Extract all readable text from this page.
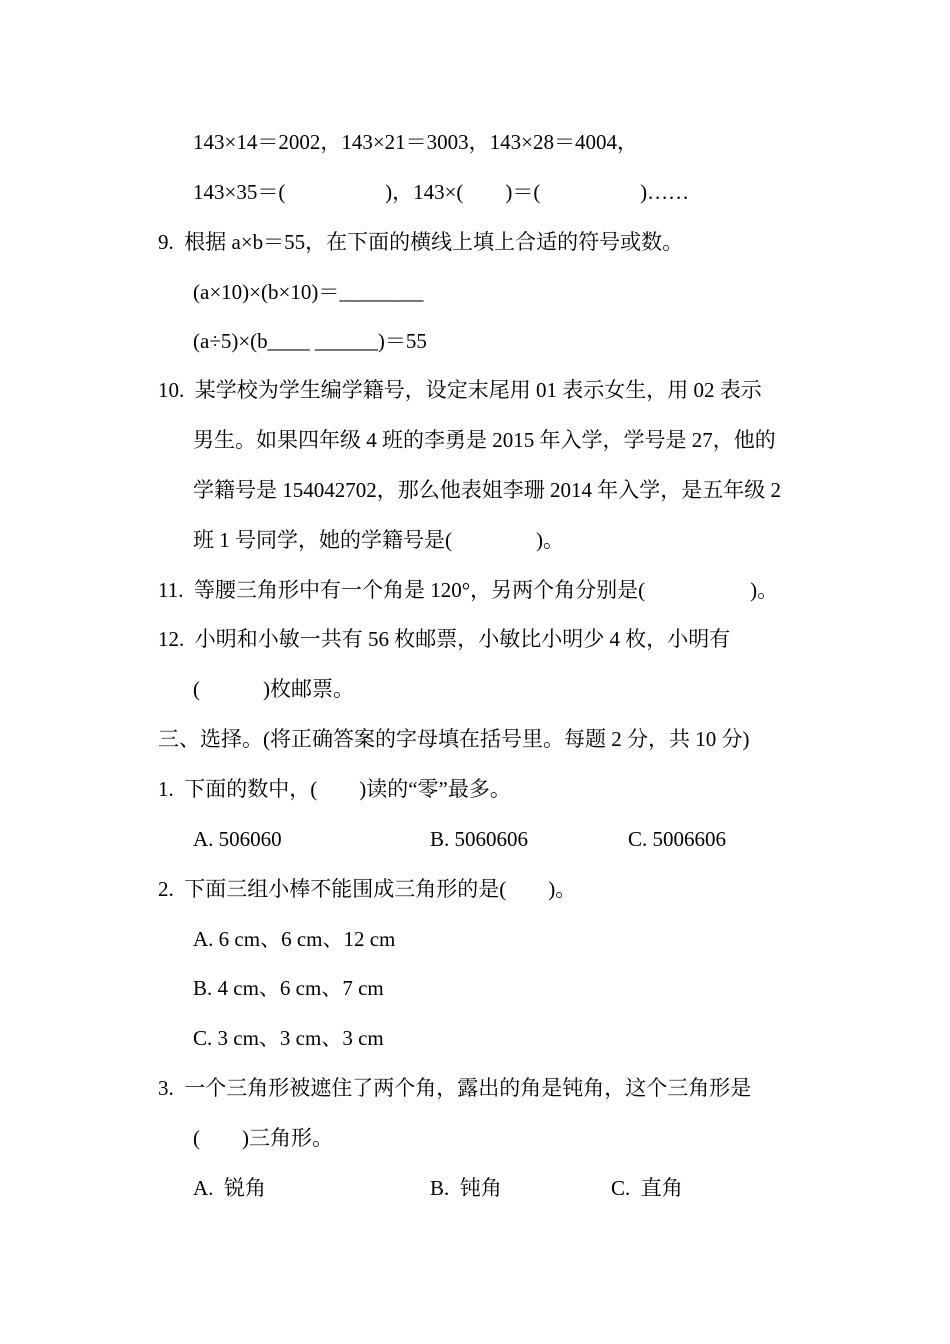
143×14＝2002，143×21＝3003，143×28＝4004，
143×35＝(                   )，143×(        )＝(                   )……
9.  根据 a×b＝55，在下面的横线上填上合适的符号或数。
(a×10)×(b×10)＝________
(a÷5)×(b____ ______)＝55
10.  某学校为学生编学籍号，设定末尾用 01 表示女生，用 02 表示
男生。如果四年级 4 班的李勇是 2015 年入学，学号是 27，他的
学籍号是 154042702，那么他表姐李珊 2014 年入学，是五年级 2
班 1 号同学，她的学籍号是(                )。
11.  等腰三角形中有一个角是 120°，另两个角分别是(                    )。
12.  小明和小敏一共有 56 枚邮票，小敏比小明少 4 枚，小明有
(            )枚邮票。
三、选择。(将正确答案的字母填在括号里。每题 2 分，共 10 分)
1.  下面的数中，(        )读的“零”最多。
A. 506060	B. 5060606	C. 5006606
2.  下面三组小棒不能围成三角形的是(        )。
A. 6 cm、6 cm、12 cm
B. 4 cm、6 cm、7 cm
C. 3 cm、3 cm、3 cm
3.  一个三角形被遮住了两个角，露出的角是钝角，这个三角形是
(        )三角形。
A.  锐角	B.  钝角	C.  直角
